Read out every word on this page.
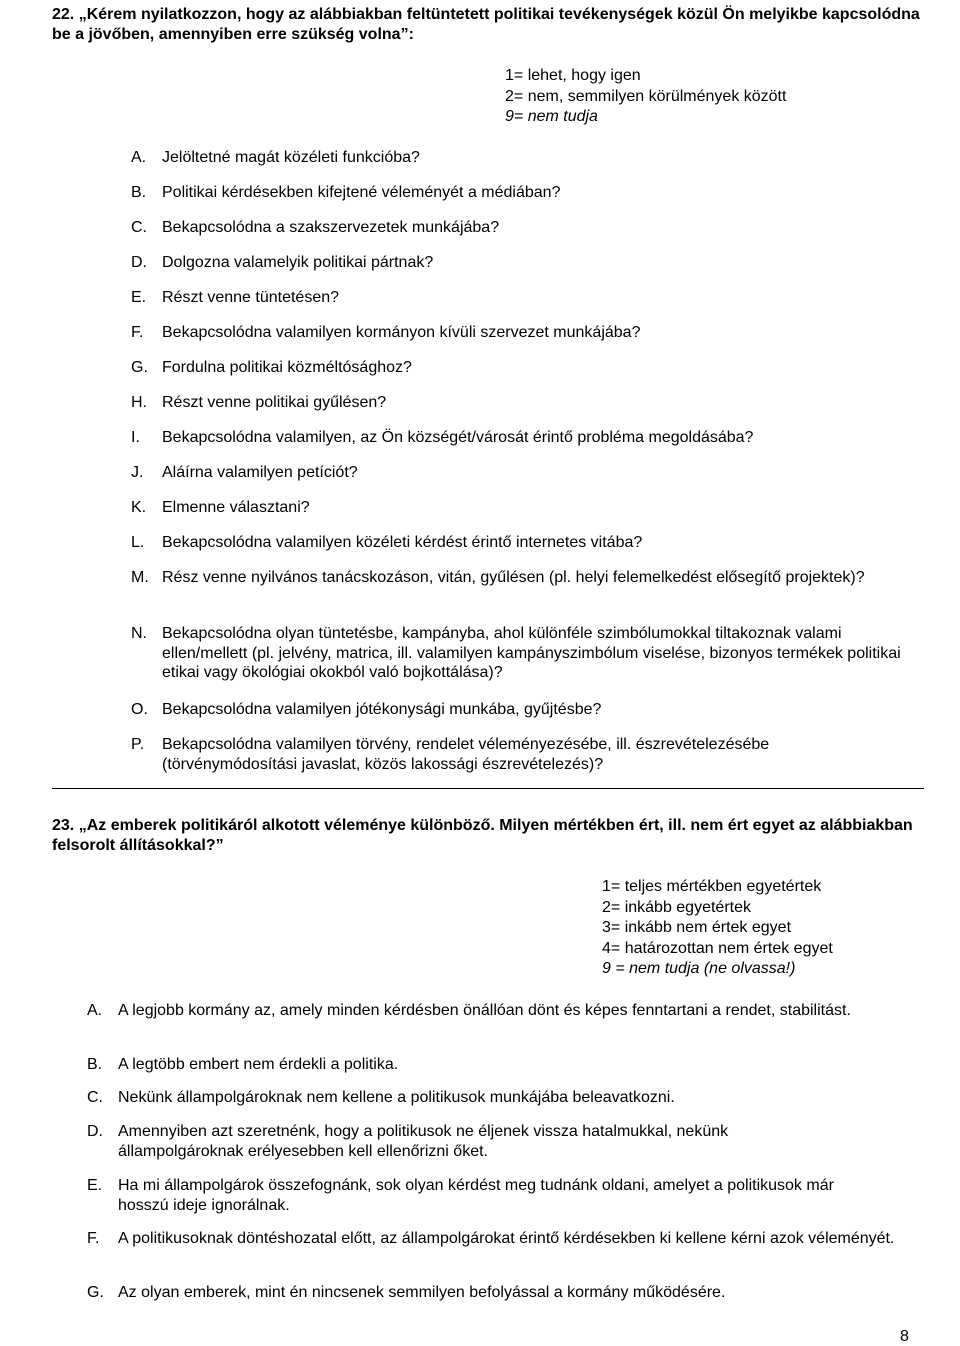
22. „Kérem nyilatkozzon, hogy az alábbiakban feltüntetett politikai tevékenységek közül Ön melyikbe kapcsolódna be a jövőben, amennyiben erre szükség volna”:

1= lehet, hogy igen
2= nem, semmilyen körülmények között
9= nem tudja
A. Jelöltetné magát közéleti funkcióba?
B. Politikai kérdésekben kifejtené véleményét a médiában?
C. Bekapcsolódna a szakszervezetek munkájába?
D. Dolgozna valamelyik politikai pártnak?
E. Részt venne tüntetésen?
F. Bekapcsolódna valamilyen kormányon kívüli szervezet munkájába?
G. Fordulna politikai közméltósághoz?
H. Részt venne politikai gyűlésen?
I. Bekapcsolódna valamilyen, az Ön községét/városát érintő probléma megoldásába?
J. Aláírna valamilyen petíciót?
K. Elmenne választani?
L. Bekapcsolódna valamilyen közéleti kérdést érintő internetes vitába?
M. Rész venne nyilvános tanácskozáson, vitán, gyűlésen (pl. helyi felemelkedést elősegítő projektek)?
N. Bekapcsolódna olyan tüntetésbe, kampányba, ahol különféle szimbólumokkal tiltakoznak valami ellen/mellett (pl. jelvény, matrica, ill. valamilyen kampányszimbólum viselése, bizonyos termékek politikai etikai vagy ökológiai okokból való bojkottálása)?
O. Bekapcsolódna valamilyen jótékonysági munkába, gyűjtésbe?
P. Bekapcsolódna valamilyen törvény, rendelet véleményezésébe, ill. észrevételezésébe (törvénymódosítási javaslat, közös lakossági észrevételezés)?

23. „Az emberek politikáról alkotott véleménye különböző. Milyen mértékben ért, ill. nem ért egyet az alábbiakban felsorolt állításokkal?”

1= teljes mértékben egyetértek
2= inkább egyetértek
3= inkább nem értek egyet
4= határozottan nem értek egyet
9 = nem tudja (ne olvassa!)
A. A legjobb kormány az, amely minden kérdésben önállóan dönt és képes fenntartani a rendet, stabilitást.
B. A legtöbb embert nem érdekli a politika.
C. Nekünk állampolgároknak nem kellene a politikusok munkájába beleavatkozni.
D. Amennyiben azt szeretnénk, hogy a politikusok ne éljenek vissza hatalmukkal, nekünk állampolgároknak erélyesebben kell ellenőrizni őket.
E. Ha mi állampolgárok összefognánk, sok olyan kérdést meg tudnánk oldani, amelyet a politikusok már hosszú ideje ignorálnak.
F. A politikusoknak döntéshozatal előtt, az állampolgárokat érintő kérdésekben ki kellene kérni azok véleményét.
G. Az olyan emberek, mint én nincsenek semmilyen befolyással a kormány működésére.
8
